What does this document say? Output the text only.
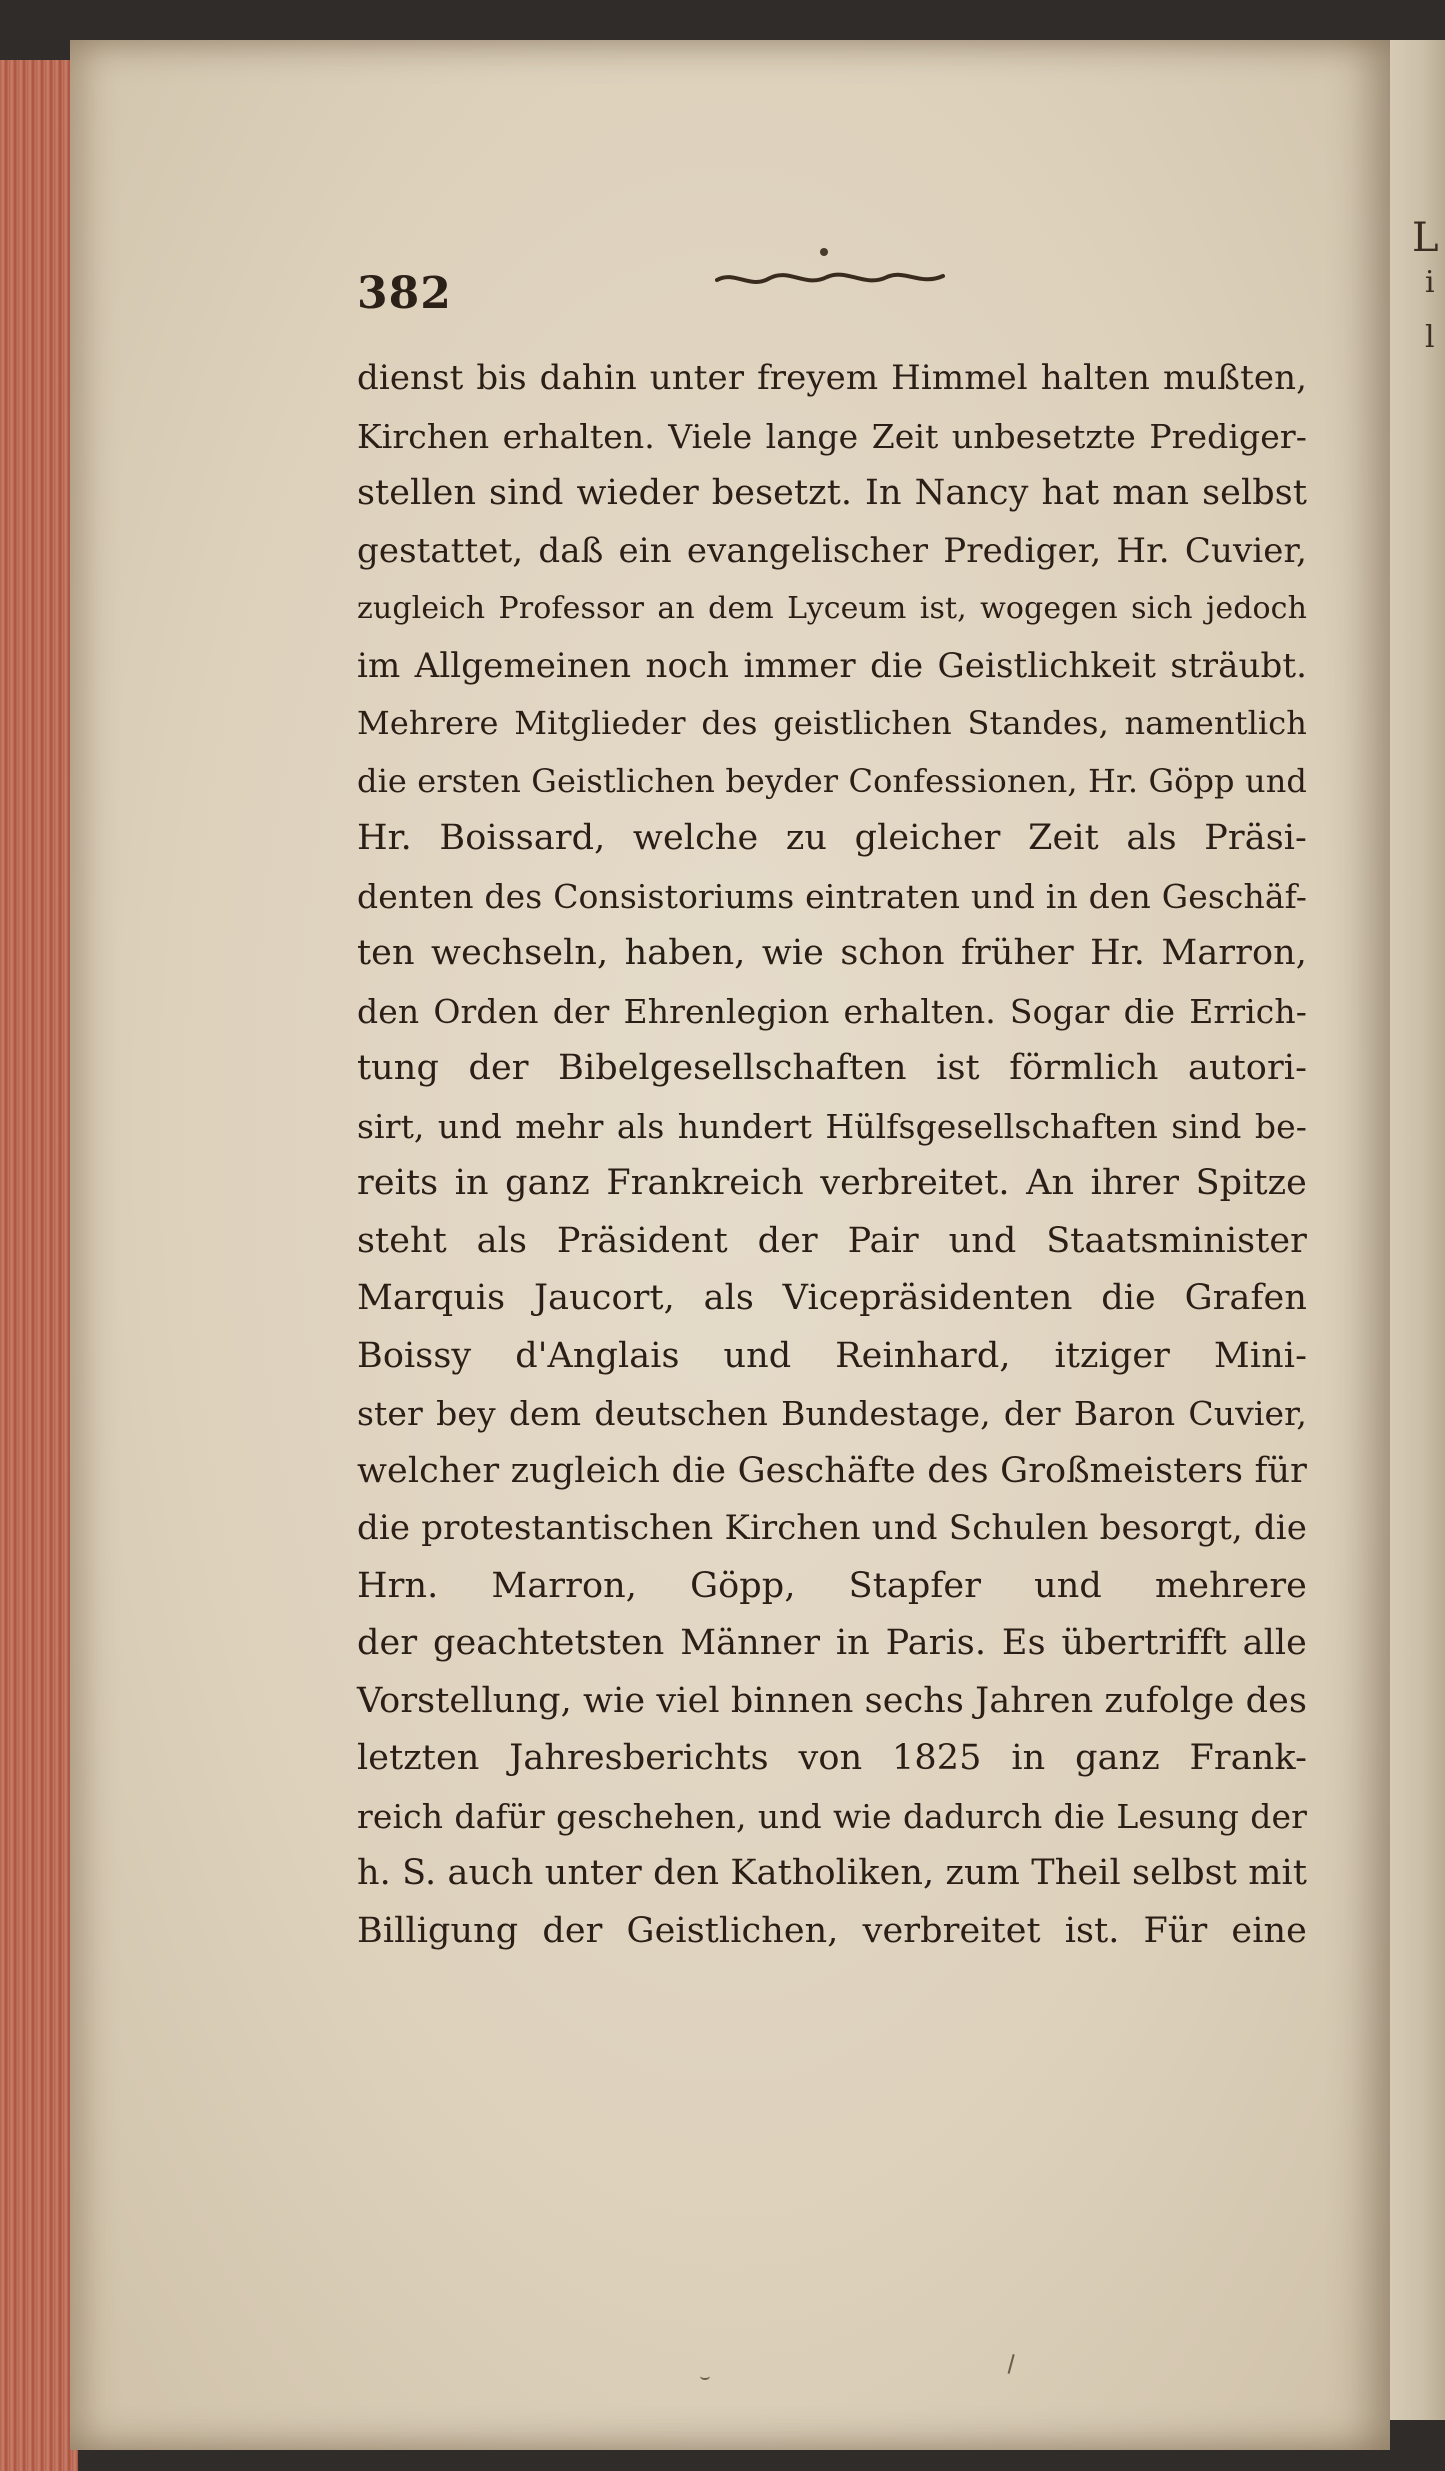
L
i
l
382
dienst bis dahin unter freyem Himmel halten mußten,
Kirchen erhalten. Viele lange Zeit unbesetzte Prediger-
stellen sind wieder besetzt. In Nancy hat man selbst
gestattet, daß ein evangelischer Prediger, Hr. Cuvier,
zugleich Professor an dem Lyceum ist, wogegen sich jedoch
im Allgemeinen noch immer die Geistlichkeit sträubt.
Mehrere Mitglieder des geistlichen Standes, namentlich
die ersten Geistlichen beyder Confessionen, Hr. Göpp und
Hr. Boissard, welche zu gleicher Zeit als Präsi-
denten des Consistoriums eintraten und in den Geschäf-
ten wechseln, haben, wie schon früher Hr. Marron,
den Orden der Ehrenlegion erhalten. Sogar die Errich-
tung der Bibelgesellschaften ist förmlich autori-
sirt, und mehr als hundert Hülfsgesellschaften sind be-
reits in ganz Frankreich verbreitet. An ihrer Spitze
steht als Präsident der Pair und Staatsminister
Marquis Jaucort, als Vicepräsidenten die Grafen
Boissy d'Anglais und Reinhard, itziger Mini-
ster bey dem deutschen Bundestage, der Baron Cuvier,
welcher zugleich die Geschäfte des Großmeisters für
die protestantischen Kirchen und Schulen besorgt, die
Hrn. Marron, Göpp, Stapfer und mehrere
der geachtetsten Männer in Paris. Es übertrifft alle
Vorstellung, wie viel binnen sechs Jahren zufolge des
letzten Jahresberichts von 1825 in ganz Frank-
reich dafür geschehen, und wie dadurch die Lesung der
h. S. auch unter den Katholiken, zum Theil selbst mit
Billigung der Geistlichen, verbreitet ist. Für eine
